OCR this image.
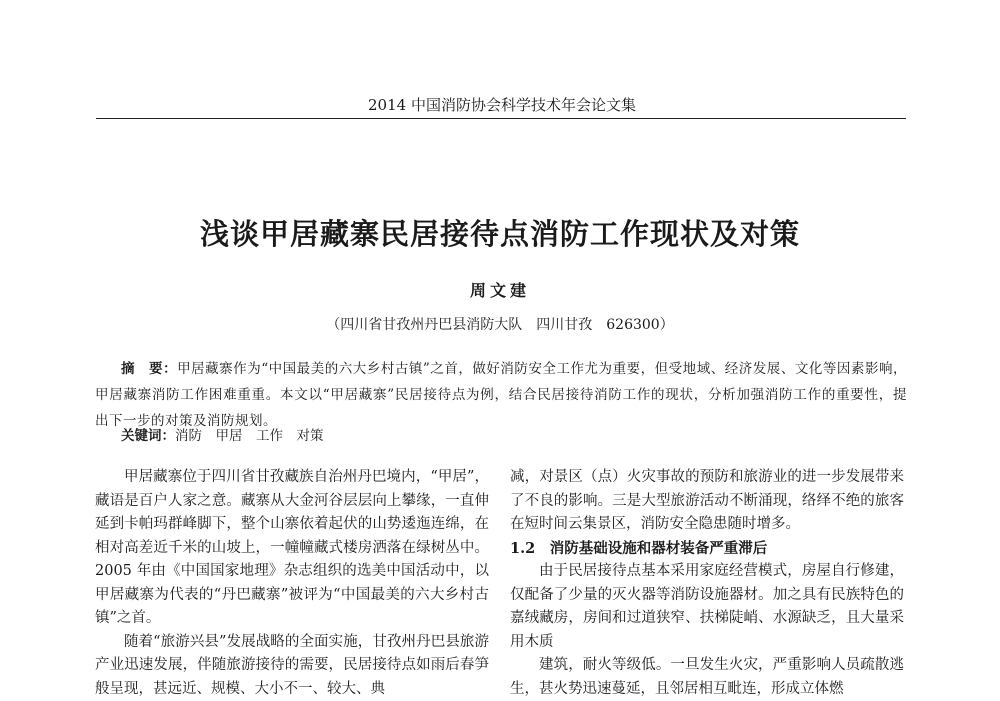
2014 中国消防协会科学技术年会论文集
浅谈甲居藏寨民居接待点消防工作现状及对策
周文建
（四川省甘孜州丹巴县消防大队　四川甘孜　626300）
摘　要：甲居藏寨作为“中国最美的六大乡村古镇”之首，做好消防安全工作尤为重要，但受地域、经济发展、文化等因素影响，甲居藏寨消防工作困难重重。本文以“甲居藏寨”民居接待点为例，结合民居接待消防工作的现状，分析加强消防工作的重要性，提出下一步的对策及消防规划。
关键词：消防　甲居　工作　对策

甲居藏寨位于四川省甘孜藏族自治州丹巴境内，“甲居”，藏语是百户人家之意。藏寨从大金河谷层层向上攀缘，一直伸延到卡帕玛群峰脚下，整个山寨依着起伏的山势逶迤连绵，在相对高差近千米的山坡上，一幢幢藏式楼房洒落在绿树丛中。2005 年由《中国国家地理》杂志组织的选美中国活动中，以甲居藏寨为代表的“丹巴藏寨”被评为“中国最美的六大乡村古镇”之首。

随着“旅游兴县”发展战略的全面实施，甘孜州丹巴县旅游产业迅速发展，伴随旅游接待的需要，民居接待点如雨后春笋般呈现，甚远近、规模、大小不一、较大、典

减，对景区（点）火灾事故的预防和旅游业的进一步发展带来了不良的影响。三是大型旅游活动不断涌现，络绎不绝的旅客在短时间云集景区，消防安全隐患随时增多。

1.2　消防基础设施和器材装备严重滞后

由于民居接待点基本采用家庭经营模式，房屋自行修建，仅配备了少量的灭火器等消防设施器材。加之具有民族特色的嘉绒藏房，房间和过道狭窄、扶梯陡峭、水源缺乏，且大量采用木质

建筑，耐火等级低。一旦发生火灾，严重影响人员疏散逃生，甚火势迅速蔓延，且邻居相互毗连，形成立体燃
